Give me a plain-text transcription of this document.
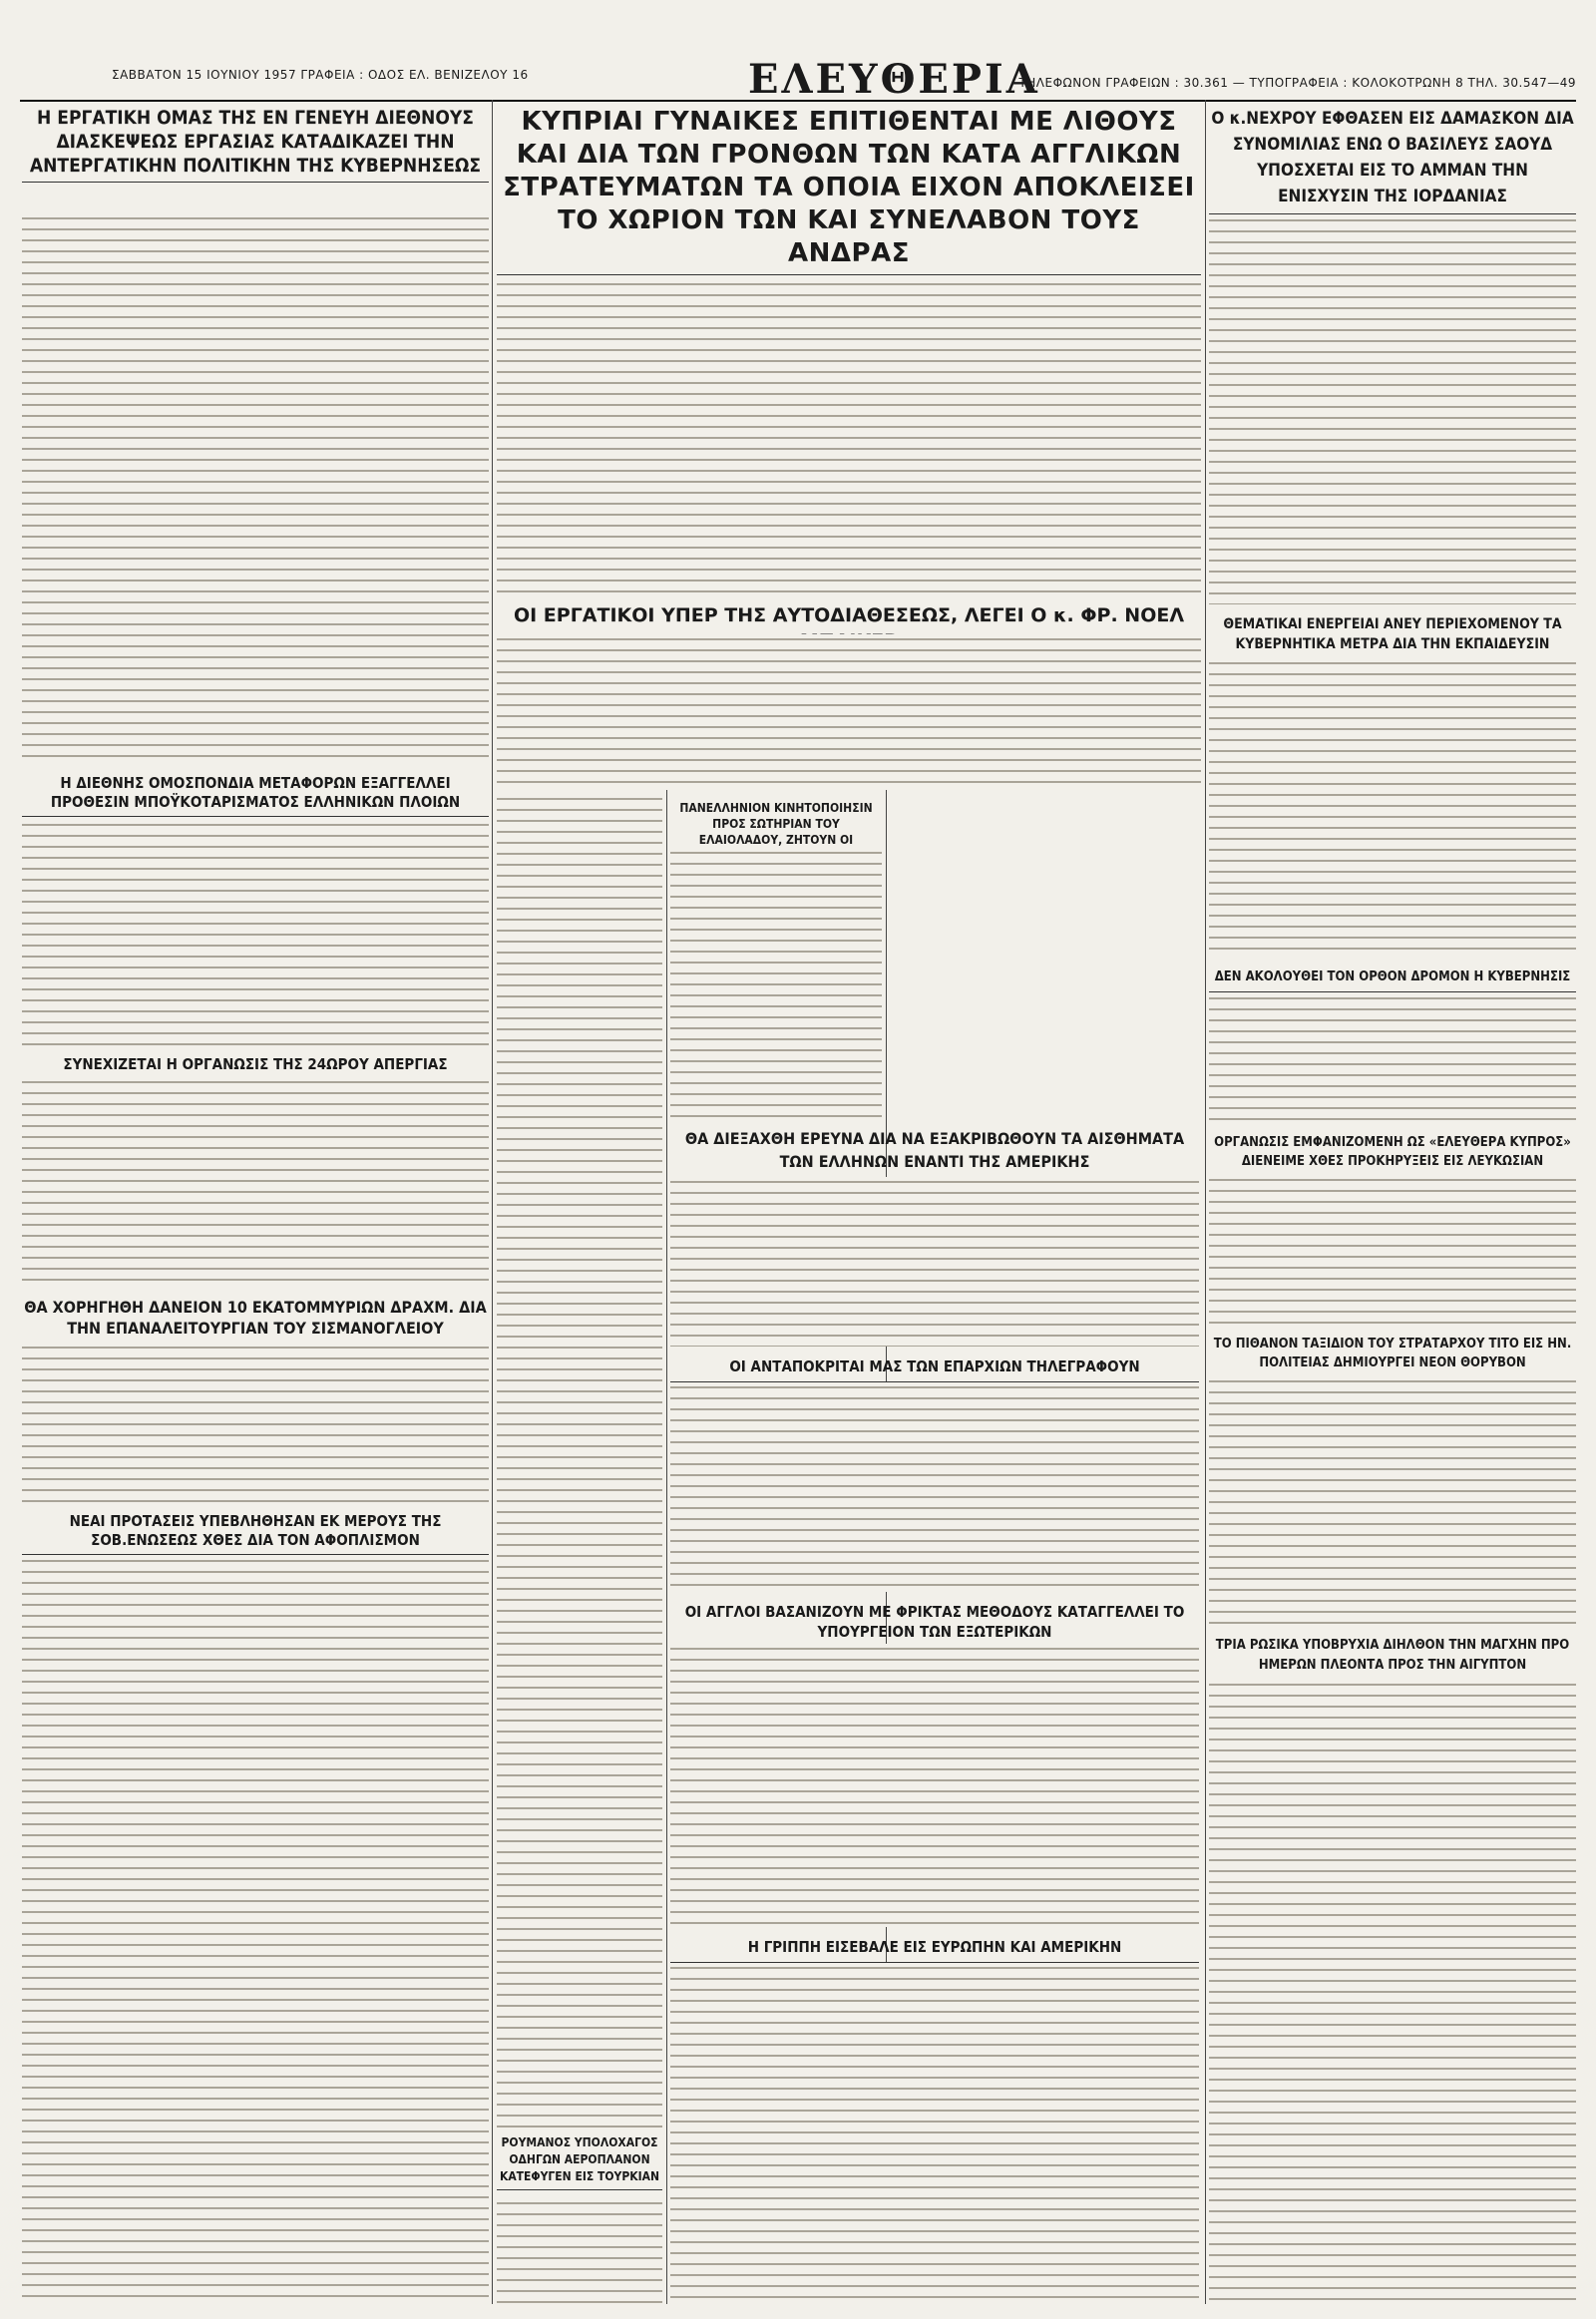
ΣΑΒΒΑΤΟΝ 15 ΙΟΥΝΙΟΥ 1957 ΓΡΑΦΕΙΑ : ΟΔΟΣ ΕΛ. ΒΕΝΙΖΕΛΟΥ 16	ΕΛΕΥΘΕΡΙΑ
ΤΗΛΕΦΩΝΟΝ ΓΡΑΦΕΙΩΝ : 30.361 — ΤΥΠΟΓΡΑΦΕΙΑ : ΚΟΛΟΚΟΤΡΩΝΗ 8 ΤΗΛ. 30.547—49
Η ΕΡΓΑΤΙΚΗ ΟΜΑΣ ΤΗΣ ΕΝ ΓΕΝΕΥΗ ΔΙΕΘΝΟΥΣ ΔΙΑΣΚΕΨΕΩΣ ΕΡΓΑΣΙΑΣ ΚΑΤΑΔΙΚΑΖΕΙ ΤΗΝ ΑΝΤΕΡΓΑΤΙΚΗΝ ΠΟΛΙΤΙΚΗΝ ΤΗΣ ΚΥΒΕΡΝΗΣΕΩΣ
Η ΔΙΕΘΝΗΣ ΟΜΟΣΠΟΝΔΙΑ ΜΕΤΑΦΟΡΩΝ ΕΞΑΓΓΕΛΛΕΙ ΠΡΟΘΕΣΙΝ ΜΠΟΫΚΟΤΑΡΙΣΜΑΤΟΣ ΕΛΛΗΝΙΚΩΝ ΠΛΟΙΩΝ
ΣΥΝΕΧΙΖΕΤΑΙ Η ΟΡΓΑΝΩΣΙΣ ΤΗΣ 24ΩΡΟΥ ΑΠΕΡΓΙΑΣ
ΘΑ ΧΟΡΗΓΗΘΗ ΔΑΝΕΙΟΝ 10 ΕΚΑΤΟΜΜΥΡΙΩΝ ΔΡΑΧΜ. ΔΙΑ ΤΗΝ ΕΠΑΝΑΛΕΙΤΟΥΡΓΙΑΝ ΤΟΥ ΣΙΣΜΑΝΟΓΛΕΙΟΥ
ΝΕΑΙ ΠΡΟΤΑΣΕΙΣ ΥΠΕΒΛΗΘΗΣΑΝ ΕΚ ΜΕΡΟΥΣ ΤΗΣ ΣΟΒ.ΕΝΩΣΕΩΣ ΧΘΕΣ ΔΙΑ ΤΟΝ ΑΦΟΠΛΙΣΜΟΝ
ΚΥΠΡΙΑΙ ΓΥΝΑΙΚΕΣ ΕΠΙΤΙΘΕΝΤΑΙ ΜΕ ΛΙΘΟΥΣ ΚΑΙ ΔΙΑ ΤΩΝ ΓΡΟΝΘΩΝ ΤΩΝ ΚΑΤΑ ΑΓΓΛΙΚΩΝ ΣΤΡΑΤΕΥΜΑΤΩΝ ΤΑ ΟΠΟΙΑ ΕΙΧΟΝ ΑΠΟΚΛΕΙΣΕΙ ΤΟ ΧΩΡΙΟΝ ΤΩΝ ΚΑΙ ΣΥΝΕΛΑΒΟΝ ΤΟΥΣ ΑΝΔΡΑΣ
ΟΙ ΕΡΓΑΤΙΚΟΙ ΥΠΕΡ ΤΗΣ ΑΥΤΟΔΙΑΘΕΣΕΩΣ, ΛΕΓΕΙ Ο κ. ΦΡ. ΝΟΕΛ
ΠΑΝΕΛΛΗΝΙΟΝ ΚΙΝΗΤΟΠΟΙΗΣΙΝ ΠΡΟΣ ΣΩΤΗΡΙΑΝ ΤΟΥ ΕΛΑΙΟΛΑΔΟΥ, ΖΗΤΟΥΝ ΟΙ
ΘΑ ΔΙΕΞΑΧΘΗ ΕΡΕΥΝΑ ΔΙΑ ΝΑ ΕΞΑΚΡΙΒΩΘΟΥΝ ΤΑ ΑΙΣΘΗΜΑΤΑ ΤΩΝ ΕΛΛΗΝΩΝ ΕΝΑΝΤΙ ΤΗΣ ΑΜΕΡΙΚΗΣ
ΟΙ ΑΝΤΑΠΟΚΡΙΤΑΙ ΜΑΣ ΤΩΝ ΕΠΑΡΧΙΩΝ ΤΗΛΕΓΡΑΦΟΥΝ
ΟΙ ΑΓΓΛΟΙ ΒΑΣΑΝΙΖΟΥΝ ΜΕ ΦΡΙΚΤΑΣ ΜΕΘΟΔΟΥΣ ΚΑΤΑΓΓΕΛΛΕΙ ΤΟ ΥΠΟΥΡΓΕΙΟΝ ΤΩΝ ΕΞΩΤΕΡΙΚΩΝ
Η ΓΡΙΠΠΗ ΕΙΣΕΒΑΛΕ ΕΙΣ ΕΥΡΩΠΗΝ ΚΑΙ ΑΜΕΡΙΚΗΝ
ΡΟΥΜΑΝΟΣ ΥΠΟΛΟΧΑΓΟΣ ΟΔΗΓΩΝ ΑΕΡΟΠΛΑΝΟΝ ΚΑΤΕΦΥΓΕΝ ΕΙΣ ΤΟΥΡΚΙΑΝ
Ο κ.ΝΕΧΡΟΥ ΕΦΘΑΣΕΝ ΕΙΣ ΔΑΜΑΣΚΟΝ ΔΙΑ ΣΥΝΟΜΙΛΙΑΣ ΕΝΩ Ο ΒΑΣΙΛΕΥΣ ΣΑΟΥΔ ΥΠΟΣΧΕΤΑΙ ΕΙΣ ΤΟ ΑΜΜΑΝ ΤΗΝ ΕΝΙΣΧΥΣΙΝ ΤΗΣ ΙΟΡΔΑΝΙΑΣ
ΘΕΜΑΤΙΚΑΙ ΕΝΕΡΓΕΙΑΙ ΑΝΕΥ ΠΕΡΙΕΧΟΜΕΝΟΥ ΤΑ ΚΥΒΕΡΝΗΤΙΚΑ ΜΕΤΡΑ ΔΙΑ ΤΗΝ ΕΚΠΑΙΔΕΥΣΙΝ
ΔΕΝ ΑΚΟΛΟΥΘΕΙ ΤΟΝ ΟΡΘΟΝ ΔΡΟΜΟΝ Η ΚΥΒΕΡΝΗΣΙΣ
ΟΡΓΑΝΩΣΙΣ ΕΜΦΑΝΙΖΟΜΕΝΗ ΩΣ «ΕΛΕΥΘΕΡΑ ΚΥΠΡΟΣ» ΔΙΕΝΕΙΜΕ ΧΘΕΣ ΠΡΟΚΗΡΥΞΕΙΣ ΕΙΣ ΛΕΥΚΩΣΙΑΝ
ΤΟ ΠΙΘΑΝΟΝ ΤΑΞΙΔΙΟΝ ΤΟΥ ΣΤΡΑΤΑΡΧΟΥ ΤΙΤΟ ΕΙΣ ΗΝ. ΠΟΛΙΤΕΙΑΣ ΔΗΜΙΟΥΡΓΕΙ ΝΕΟΝ ΘΟΡΥΒΟΝ
ΤΡΙΑ ΡΩΣΙΚΑ ΥΠΟΒΡΥΧΙΑ ΔΙΗΛΘΟΝ ΤΗΝ ΜΑΓΧΗΝ ΠΡΟ ΗΜΕΡΩΝ ΠΛΕΟΝΤΑ ΠΡΟΣ ΤΗΝ ΑΙΓΥΠΤΟΝ
